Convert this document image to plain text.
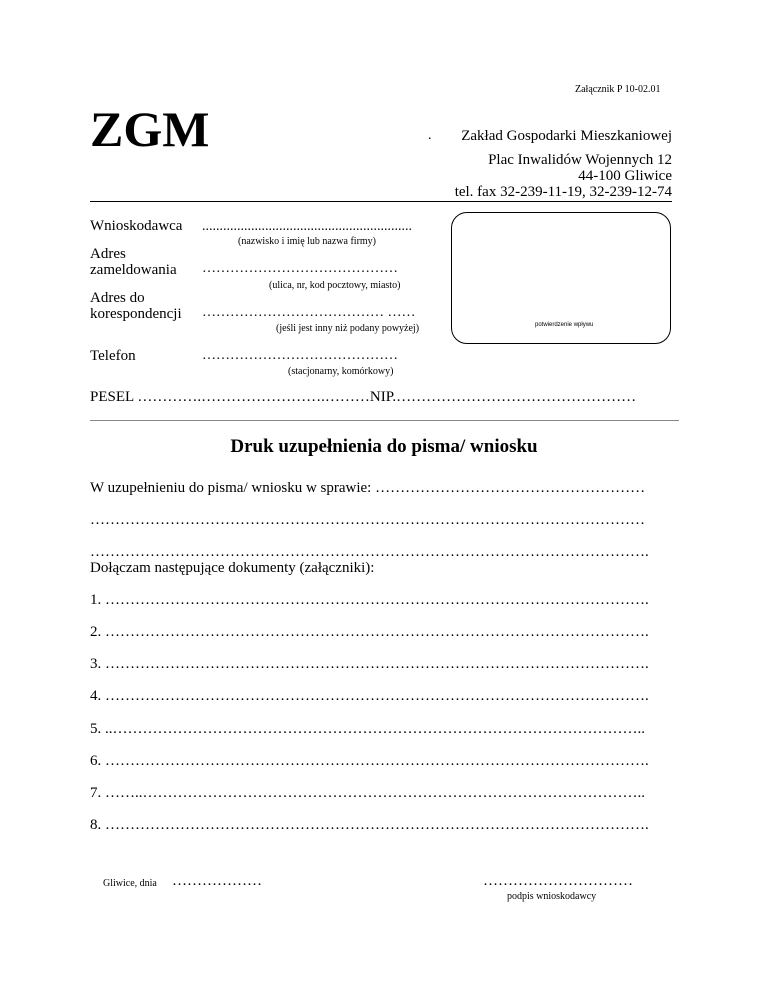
Załącznik P 10-02.01
ZGM	. Zakład Gospodarki Mieszkaniowej
Plac Inwalidów Wojennych 12
44-100 Gliwice
tel. fax 32-239-11-19, 32-239-12-74
Wnioskodawca ............................................................
(nazwisko i imię lub nazwa firmy)
Adres
zameldowania ……………………………………
(ulica, nr, kod pocztowy, miasto)
Adres do
korespondencji ………………………………… ……
(jeśli jest inny niż podany powyżej)
Telefon	……………………………………
(stacjonarny, komórkowy)
potwierdzenie wpływu
PESEL ………….…………………….………NIP.…………………………………………
Druk uzupełnienia do pisma/ wniosku
W uzupełnieniu do pisma/ wniosku w sprawie: ………………………………………………
…………………………………………………………………………………………………
………………………………………………………………………………………………….
Dołączam następujące dokumenty (załączniki):
1. ……………………………………………………………………………………………….
2. ……………………………………………………………………………………………….
3. ……………………………………………………………………………………………….
4. ……………………………………………………………………………………………….
5. ..……………………………………………………………………………………………..
6. ……………………………………………………………………………………………….
7. ……..………………………………………………………………………………………..
8. ……………………………………………………………………………………………….
Gliwice, dnia ………………	…………………………
podpis wnioskodawcy
